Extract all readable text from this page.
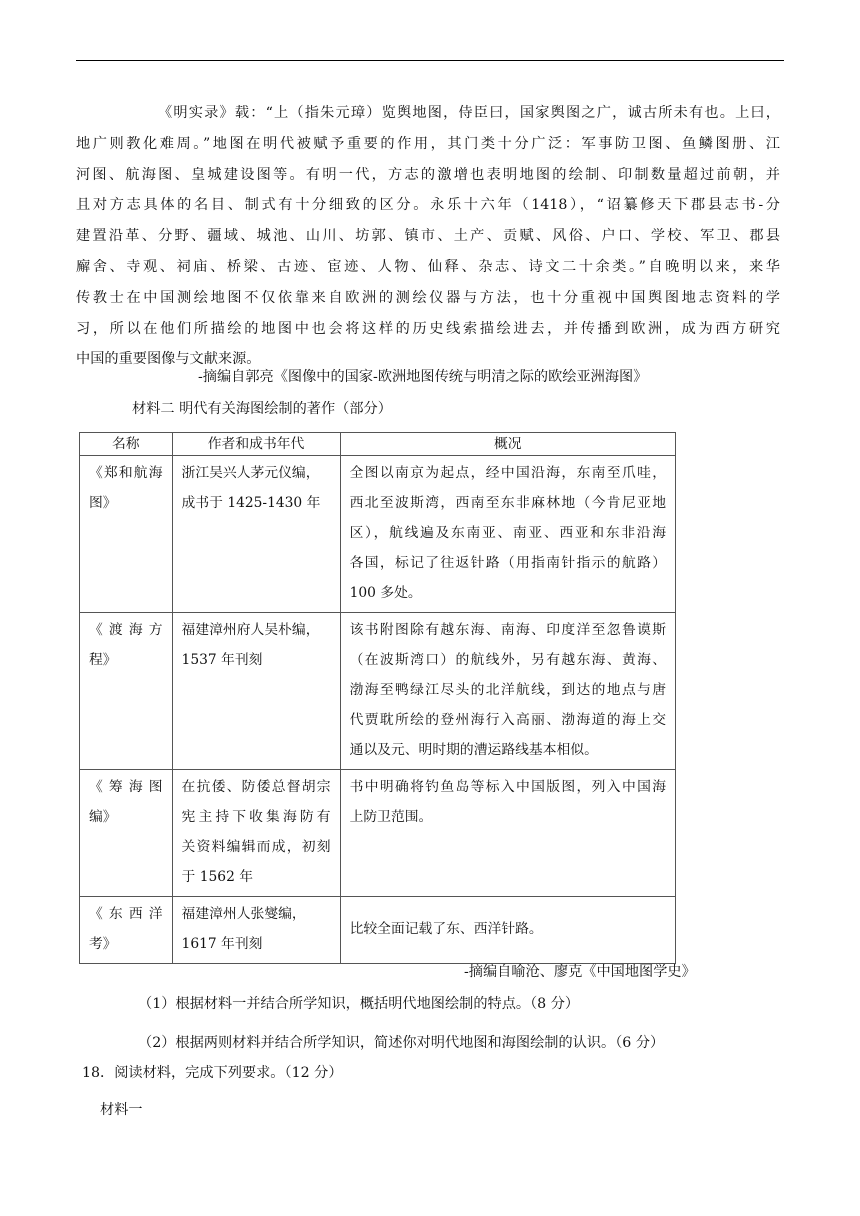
《明实录》载：“上（指朱元璋）览舆地图，侍臣曰，国家舆图之广，诚古所未有也。上曰，
地广则教化难周。”地图在明代被赋予重要的作用，其门类十分广泛：军事防卫图、鱼鳞图册、江
河图、航海图、皇城建设图等。有明一代，方志的激增也表明地图的绘制、印制数量超过前朝，并
且对方志具体的名目、制式有十分细致的区分。永乐十六年（1418），“诏纂修天下郡县志书-分
建置沿革、分野、疆域、城池、山川、坊郭、镇市、土产、贡赋、风俗、户口、学校、军卫、郡县
廨舍、寺观、祠庙、桥梁、古迹、宦迹、人物、仙释、杂志、诗文二十余类。”自晚明以来，来华
传教士在中国测绘地图不仅依靠来自欧洲的测绘仪器与方法，也十分重视中国舆图地志资料的学
习，所以在他们所描绘的地图中也会将这样的历史线索描绘进去，并传播到欧洲，成为西方研究
中国的重要图像与文献来源。
-摘编自郭亮《图像中的国家-欧洲地图传统与明清之际的欧绘亚洲海图》
材料二 明代有关海图绘制的著作（部分）
名称	作者和成书年代	概况

《郑和航海
图》	浙江吴兴人茅元仪编，
成书于 1425-1430 年	全图以南京为起点，经中国沿海，东南至爪哇，
西北至波斯湾，西南至东非麻林地（今肯尼亚地
区），航线遍及东南亚、南亚、西亚和东非沿海
各国，标记了往返针路（用指南针指示的航路）
100 多处。

《渡海方
程》	福建漳州府人吴朴编，
1537 年刊刻	该书附图除有越东海、南海、印度洋至忽鲁谟斯
（在波斯湾口）的航线外，另有越东海、黄海、
渤海至鸭绿江尽头的北洋航线，到达的地点与唐
代贾耽所绘的登州海行入高丽、渤海道的海上交
通以及元、明时期的漕运路线基本相似。

《筹海图
编》	在抗倭、防倭总督胡宗
宪主持下收集海防有
关资料编辑而成，初刻
于 1562 年	书中明确将钓鱼岛等标入中国版图，列入中国海
上防卫范围。

《东西洋
考》	福建漳州人张燮编，
1617 年刊刻	比较全面记载了东、西洋针路。
-摘编自喻沧、廖克《中国地图学史》
（1）根据材料一并结合所学知识，概括明代地图绘制的特点。（8 分）
（2）根据两则材料并结合所学知识，简述你对明代地图和海图绘制的认识。（6 分）
18．阅读材料，完成下列要求。（12 分）
材料一
